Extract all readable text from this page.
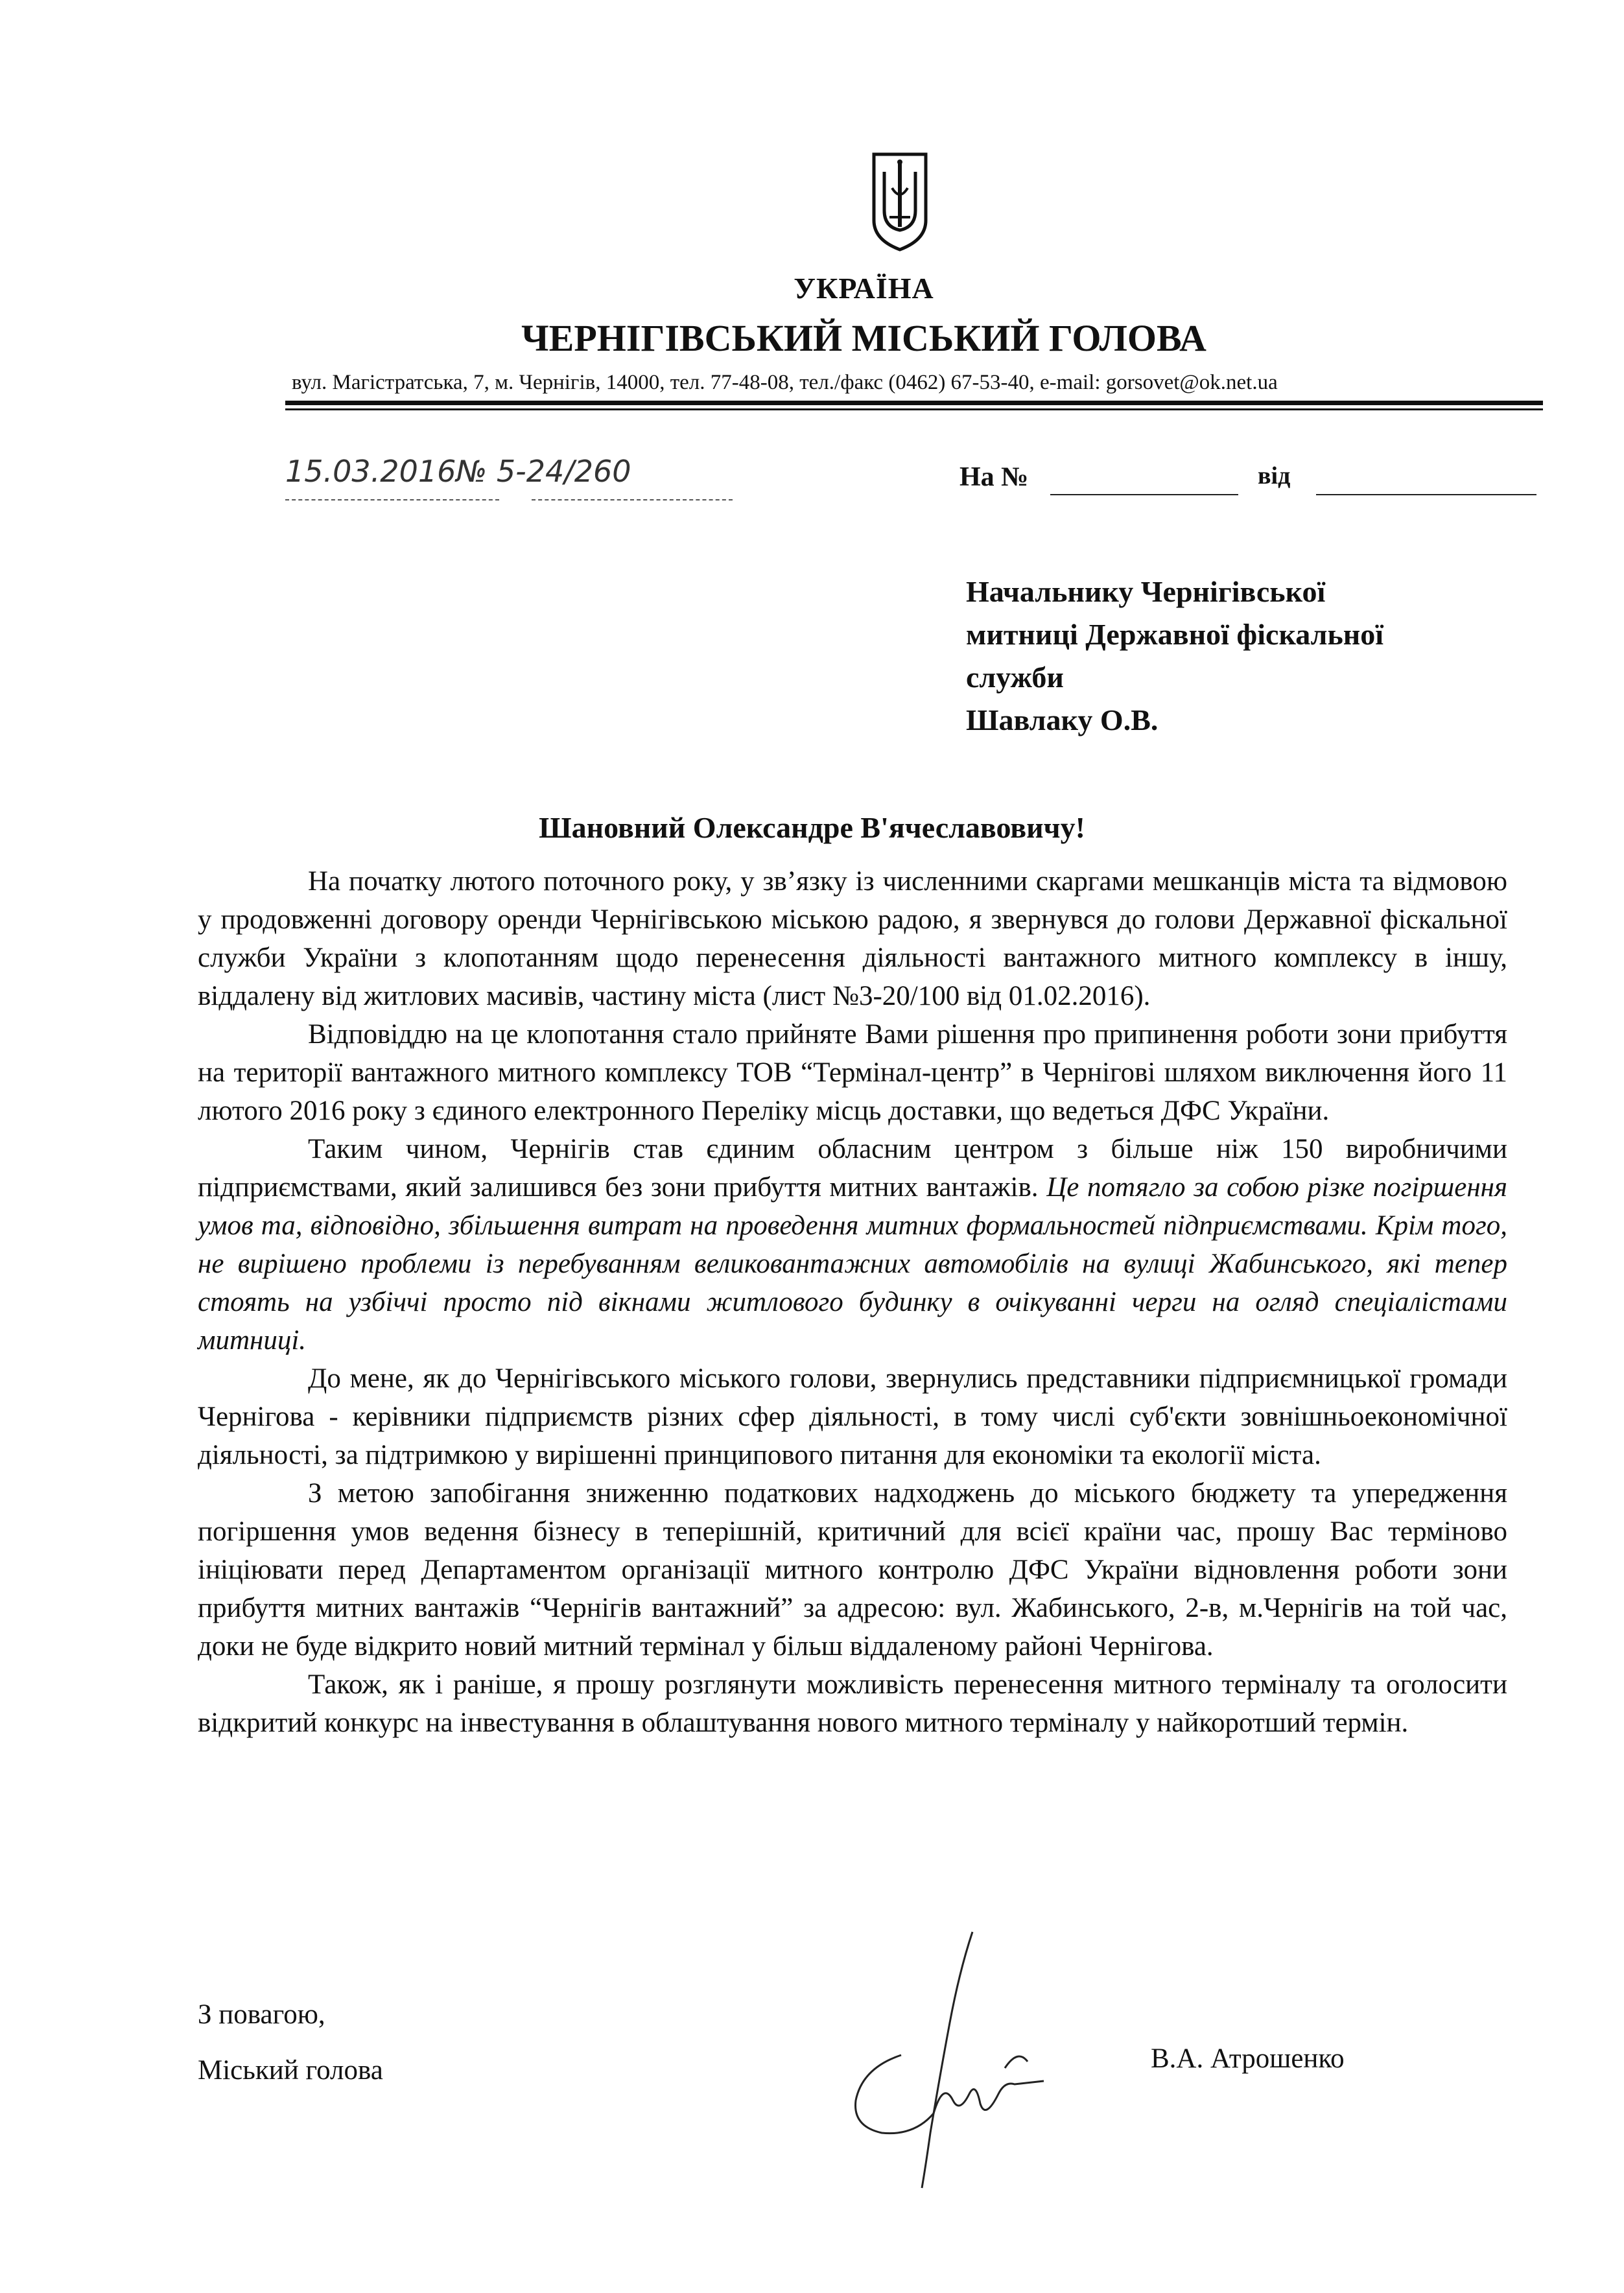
УКРАЇНА
ЧЕРНІГІВСЬКИЙ МІСЬКИЙ ГОЛОВА
вул. Магістратська, 7, м. Чернігів, 14000, тел. 77-48-08, тел./факс (0462) 67-53-40, e-mail: gorsovet@ok.net.ua
15.03.2016№ 5-24/260	На №	від
Начальнику Чернігівської
митниці Державної фіскальної
служби
Шавлаку О.В.
Шановний Олександре В'ячеславовичу!

На початку лютого поточного року, у зв’язку із численними скаргами мешканців міста та відмовою у продовженні договору оренди Чернігівською міською радою, я звернувся до голови Державної фіскальної служби України з клопотанням щодо перенесення діяльності вантажного митного комплексу в іншу, віддалену від житлових масивів, частину міста (лист №3-20/100 від 01.02.2016).

Відповіддю на це клопотання стало прийняте Вами рішення про припинення роботи зони прибуття на території вантажного митного комплексу ТОВ “Термінал-центр” в Чернігові шляхом виключення його 11 лютого 2016 року з єдиного електронного Переліку місць доставки, що ведеться ДФС України.

Таким чином, Чернігів став єдиним обласним центром з більше ніж 150 виробничими підприємствами, який залишився без зони прибуття митних вантажів. Це потягло за собою різке погіршення умов та, відповідно, збільшення витрат на проведення митних формальностей підприємствами. Крім того, не вирішено проблеми із перебуванням великовантажних автомобілів на вулиці Жабинського, які тепер стоять на узбіччі просто під вікнами житлового будинку в очікуванні черги на огляд спеціалістами митниці.

До мене, як до Чернігівського міського голови, звернулись представники підприємницької громади Чернігова - керівники підприємств різних сфер діяльності, в тому числі суб'єкти зовнішньоекономічної діяльності, за підтримкою у вирішенні принципового питання для економіки та екології міста.

З метою запобігання зниженню податкових надходжень до міського бюджету та упередження погіршення умов ведення бізнесу в теперішній, критичний для всієї країни час, прошу Вас терміново ініціювати перед Департаментом організації митного контролю ДФС України відновлення роботи зони прибуття митних вантажів “Чернігів вантажний” за адресою: вул. Жабинського, 2-в, м.Чернігів на той час, доки не буде відкрито новий митний термінал у більш віддаленому районі Чернігова.

Також, як і раніше, я прошу розглянути можливість перенесення митного терміналу та оголосити відкритий конкурс на інвестування в облаштування нового митного терміналу у найкоротший термін.

З повагою,
Міський голова	В.А. Атрошенко
